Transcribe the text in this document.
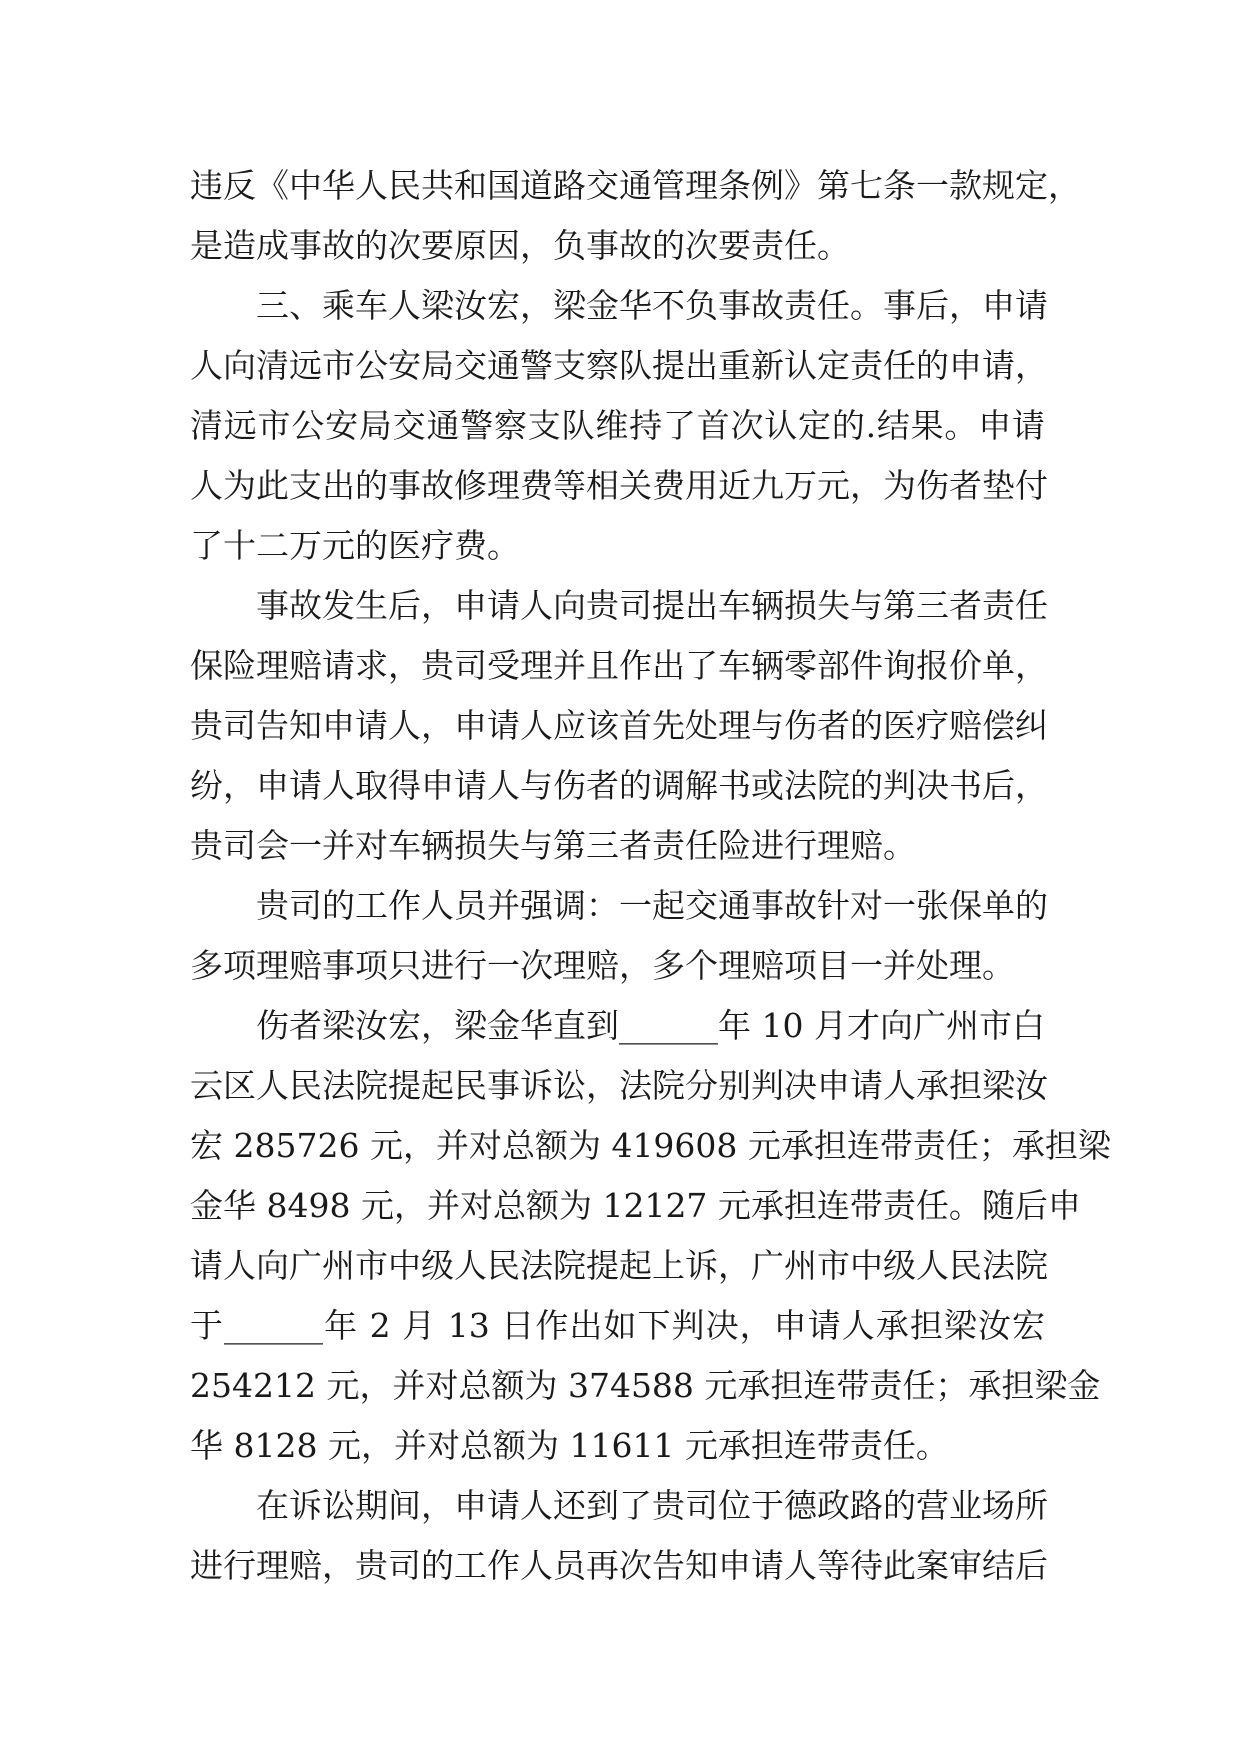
违反《中华人民共和国道路交通管理条例》第七条一款规定，
是造成事故的次要原因，负事故的次要责任。
三、乘车人梁汝宏，梁金华不负事故责任。事后，申请
人向清远市公安局交通警支察队提出重新认定责任的申请，
清远市公安局交通警察支队维持了首次认定的.结果。申请
人为此支出的事故修理费等相关费用近九万元，为伤者垫付
了十二万元的医疗费。
事故发生后，申请人向贵司提出车辆损失与第三者责任
保险理赔请求，贵司受理并且作出了车辆零部件询报价单，
贵司告知申请人，申请人应该首先处理与伤者的医疗赔偿纠
纷，申请人取得申请人与伤者的调解书或法院的判决书后，
贵司会一并对车辆损失与第三者责任险进行理赔。
贵司的工作人员并强调：一起交通事故针对一张保单的
多项理赔事项只进行一次理赔，多个理赔项目一并处理。
伤者梁汝宏，梁金华直到______年 10 月才向广州市白
云区人民法院提起民事诉讼，法院分别判决申请人承担梁汝
宏 285726 元，并对总额为 419608 元承担连带责任；承担梁
金华 8498 元，并对总额为 12127 元承担连带责任。随后申
请人向广州市中级人民法院提起上诉，广州市中级人民法院
于______年 2 月 13 日作出如下判决，申请人承担梁汝宏
254212 元，并对总额为 374588 元承担连带责任；承担梁金
华 8128 元，并对总额为 11611 元承担连带责任。
在诉讼期间，申请人还到了贵司位于德政路的营业场所
进行理赔，贵司的工作人员再次告知申请人等待此案审结后
